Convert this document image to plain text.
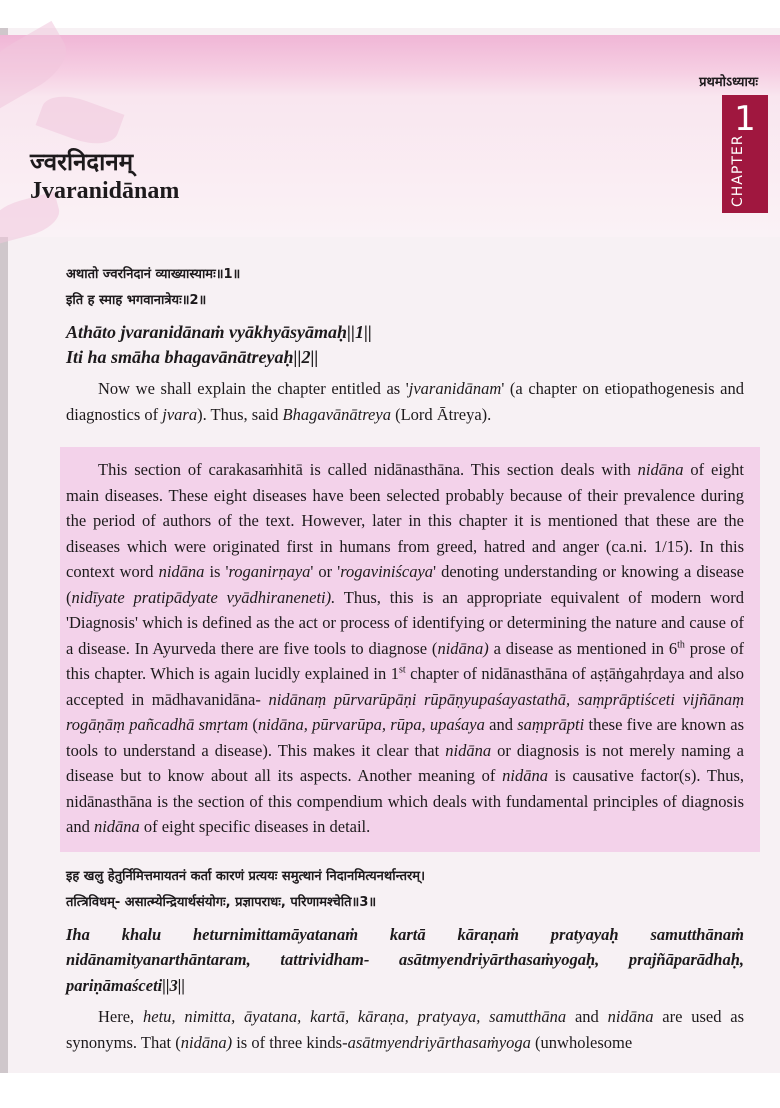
प्रथमोऽध्यायः
1
CHAPTER
ज्वरनिदानम्
Jvaranidānam
अथातो ज्वरनिदानं व्याख्यास्यामः॥1॥
इति ह स्माह भगवानात्रेयः॥2॥
Athāto jvaranidānaṁ vyākhyāsyāmaḥ||1||
Iti ha smāha bhagavānātreyaḥ||2||

Now we shall explain the chapter entitled as 'jvaranidānam' (a chapter on etiopathogenesis and diagnostics of jvara). Thus, said Bhagavānātreya (Lord Ātreya).

This section of carakasaṁhitā is called nidānasthāna. This section deals with nidāna of eight main diseases. These eight diseases have been selected probably because of their prevalence during the period of authors of the text. However, later in this chapter it is mentioned that these are the diseases which were originated first in humans from greed, hatred and anger (ca.ni. 1/15). In this context word nidāna is 'roganirṇaya' or 'rogaviniścaya' denoting understanding or knowing a disease (nidīyate pratipādyate vyādhiraneneti). Thus, this is an appropriate equivalent of modern word 'Diagnosis' which is defined as the act or process of identifying or determining the nature and cause of a disease. In Ayurveda there are five tools to diagnose (nidāna) a disease as mentioned in 6th prose of this chapter. Which is again lucidly explained in 1st chapter of nidānasthāna of aṣṭāṅgahṛdaya and also accepted in mādhavanidāna- nidānaṃ pūrvarūpāṇi rūpāṇyupaśayastathā, saṃprāptiśceti vijñānaṃ rogāṇāṃ pañcadhā smṛtam (nidāna, pūrvarūpa, rūpa, upaśaya and saṃprāpti these five are known as tools to understand a disease). This makes it clear that nidāna or diagnosis is not merely naming a disease but to know about all its aspects. Another meaning of nidāna is causative factor(s). Thus, nidānasthāna is the section of this compendium which deals with fundamental principles of diagnosis and nidāna of eight specific diseases in detail.

इह खलु हेतुर्निमित्तमायतनं कर्ता कारणं प्रत्ययः समुत्थानं निदानमित्यनर्थान्तरम्।
तत्त्रिविधम्- असात्म्येन्द्रियार्थसंयोगः, प्रज्ञापराधः, परिणामश्चेति॥3॥

Iha khalu heturnimittamāyatanaṁ kartā kāraṇaṁ pratyayaḥ samutthānaṁ nidānamityanarthāntaram, tattrividham- asātmyendriyārthasaṁyogaḥ, prajñāparādhaḥ, pariṇāmaśceti||3||

Here, hetu, nimitta, āyatana, kartā, kāraṇa, pratyaya, samutthāna and nidāna are used as synonyms. That (nidāna) is of three kinds-asātmyendriyārthasaṁyoga (unwholesome
